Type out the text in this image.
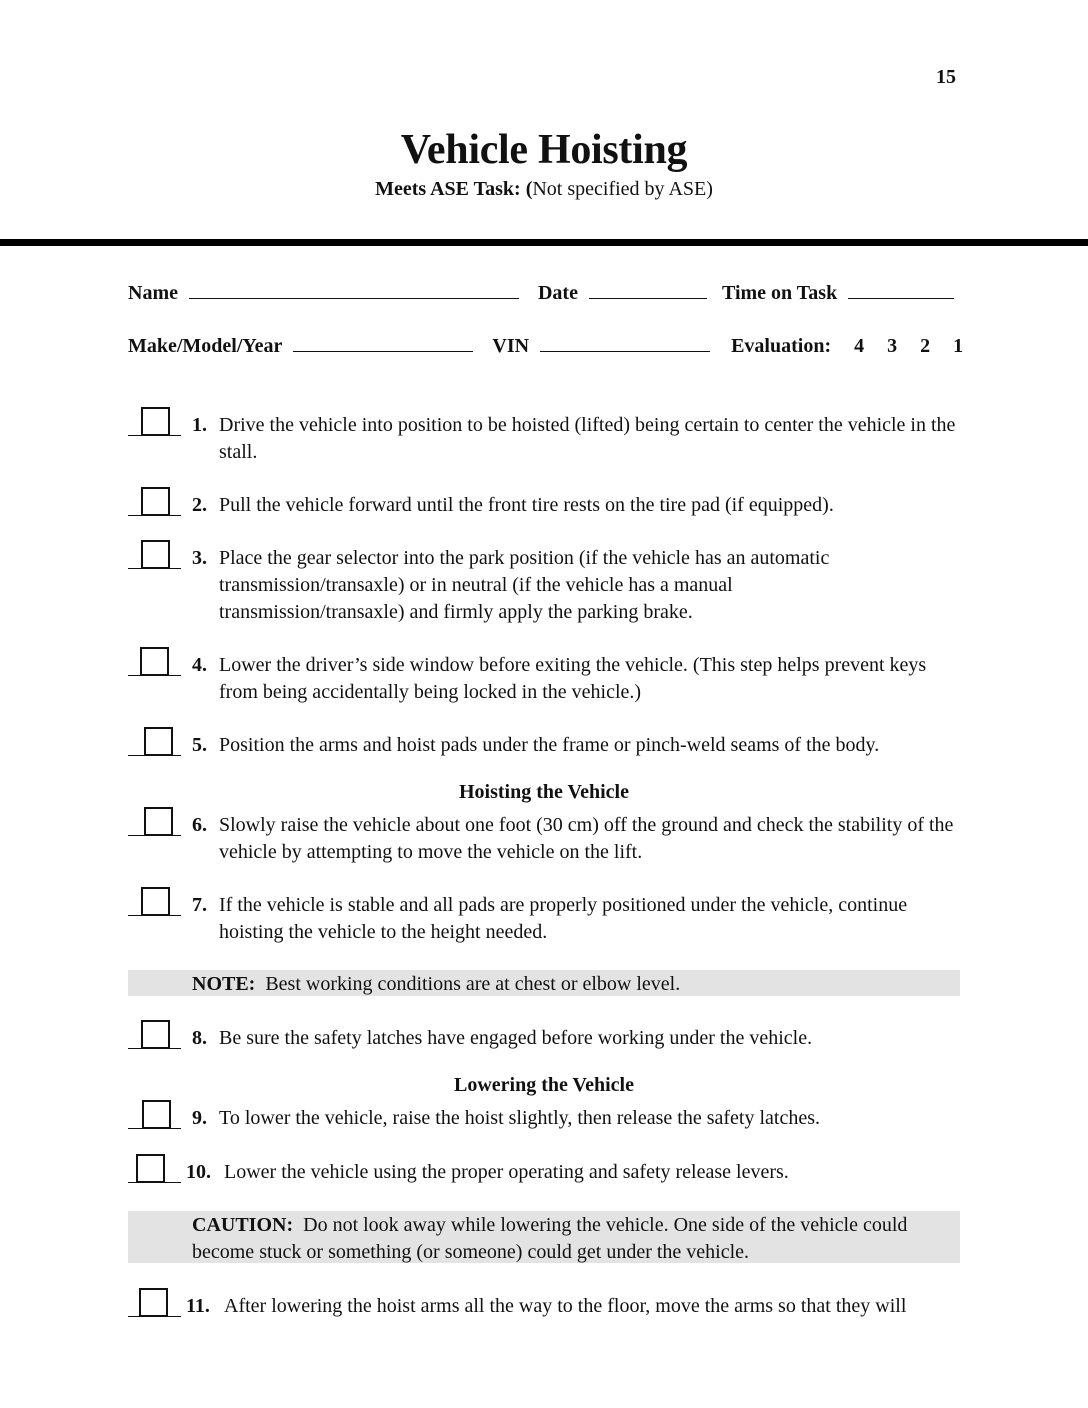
15
Vehicle Hoisting
Meets ASE Task: (Not specified by ASE)
Name	Date	Time on Task
Make/Model/Year	VIN	Evaluation: 4 3 2 1
1. Drive the vehicle into position to be hoisted (lifted) being certain to center the vehicle in the stall.
2. Pull the vehicle forward until the front tire rests on the tire pad (if equipped).
3. Place the gear selector into the park position (if the vehicle has an automatic transmission/transaxle) or in neutral (if the vehicle has a manual transmission/transaxle) and firmly apply the parking brake.
4. Lower the driver’s side window before exiting the vehicle. (This step helps prevent keys from being accidentally being locked in the vehicle.)
5. Position the arms and hoist pads under the frame or pinch-weld seams of the body.
Hoisting the Vehicle
6. Slowly raise the vehicle about one foot (30 cm) off the ground and check the stability of the vehicle by attempting to move the vehicle on the lift.
7. If the vehicle is stable and all pads are properly positioned under the vehicle, continue hoisting the vehicle to the height needed.
NOTE: Best working conditions are at chest or elbow level.
8. Be sure the safety latches have engaged before working under the vehicle.
Lowering the Vehicle
9. To lower the vehicle, raise the hoist slightly, then release the safety latches.
10. Lower the vehicle using the proper operating and safety release levers.
CAUTION: Do not look away while lowering the vehicle. One side of the vehicle could become stuck or something (or someone) could get under the vehicle.
11. After lowering the hoist arms all the way to the floor, move the arms so that they will
